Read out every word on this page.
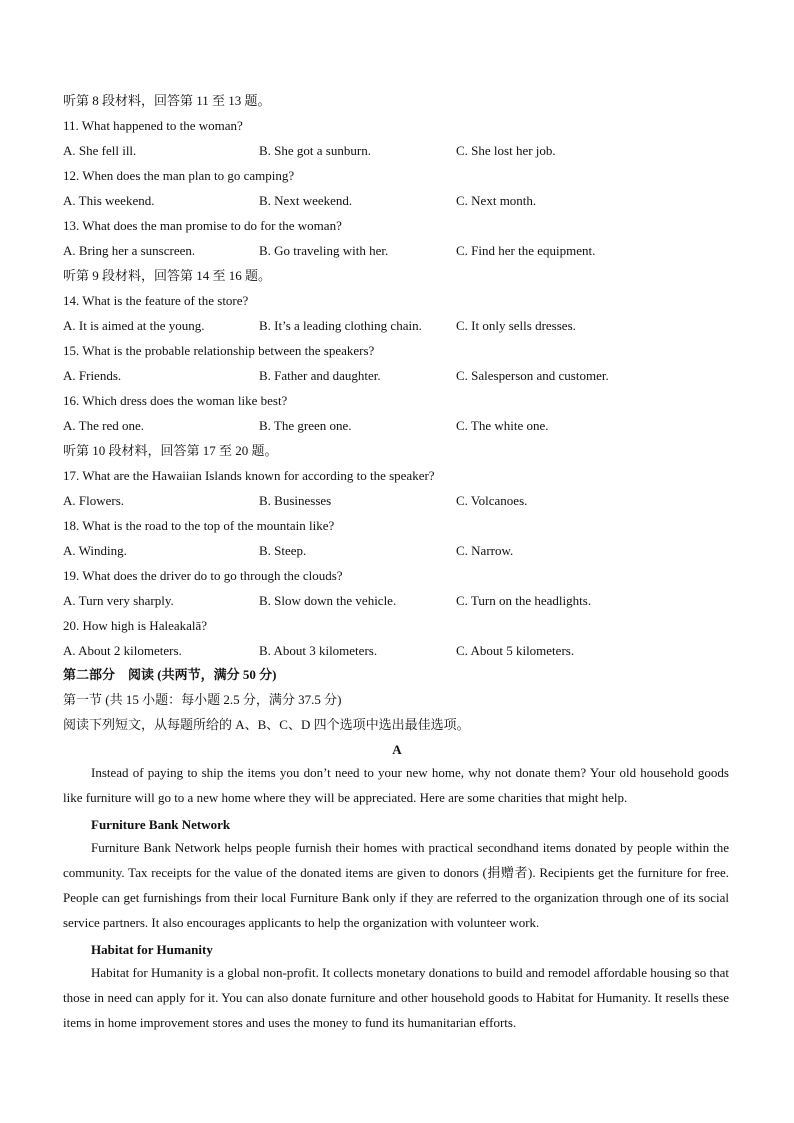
听第 8 段材料，回答第 11 至 13 题。
11. What happened to the woman?
A. She fell ill.	B. She got a sunburn.	C. She lost her job.
12. When does the man plan to go camping?
A. This weekend.	B. Next weekend.	C. Next month.
13. What does the man promise to do for the woman?
A. Bring her a sunscreen.	B. Go traveling with her.	C. Find her the equipment.
听第 9 段材料，回答第 14 至 16 题。
14. What is the feature of the store?
A. It is aimed at the young.	B. It’s a leading clothing chain.	C. It only sells dresses.
15. What is the probable relationship between the speakers?
A. Friends.	B. Father and daughter.	C. Salesperson and customer.
16. Which dress does the woman like best?
A. The red one.	B. The green one.	C. The white one.
听第 10 段材料，回答第 17 至 20 题。
17. What are the Hawaiian Islands known for according to the speaker?
A. Flowers.	B. Businesses	C. Volcanoes.
18. What is the road to the top of the mountain like?
A. Winding.	B. Steep.	C. Narrow.
19. What does the driver do to go through the clouds?
A. Turn very sharply.	B. Slow down the vehicle.	C. Turn on the headlights.
20. How high is Haleakalā?
A. About 2 kilometers.	B. About 3 kilometers.	C. About 5 kilometers.
第二部分　阅读 (共两节，满分 50 分)
第一节 (共 15 小题：每小题 2.5 分，满分 37.5 分)
阅读下列短文，从每题所给的 A、B、C、D 四个选项中选出最佳选项。
A
Instead of paying to ship the items you don’t need to your new home, why not donate them? Your old household goods like furniture will go to a new home where they will be appreciated. Here are some charities that might help.
Furniture Bank Network
Furniture Bank Network helps people furnish their homes with practical secondhand items donated by people within the community. Tax receipts for the value of the donated items are given to donors (捐赠者). Recipients get the furniture for free. People can get furnishings from their local Furniture Bank only if they are referred to the organization through one of its social service partners. It also encourages applicants to help the organization with volunteer work.
Habitat for Humanity
Habitat for Humanity is a global non-profit. It collects monetary donations to build and remodel affordable housing so that those in need can apply for it. You can also donate furniture and other household goods to Habitat for Humanity. It resells these items in home improvement stores and uses the money to fund its humanitarian efforts.
